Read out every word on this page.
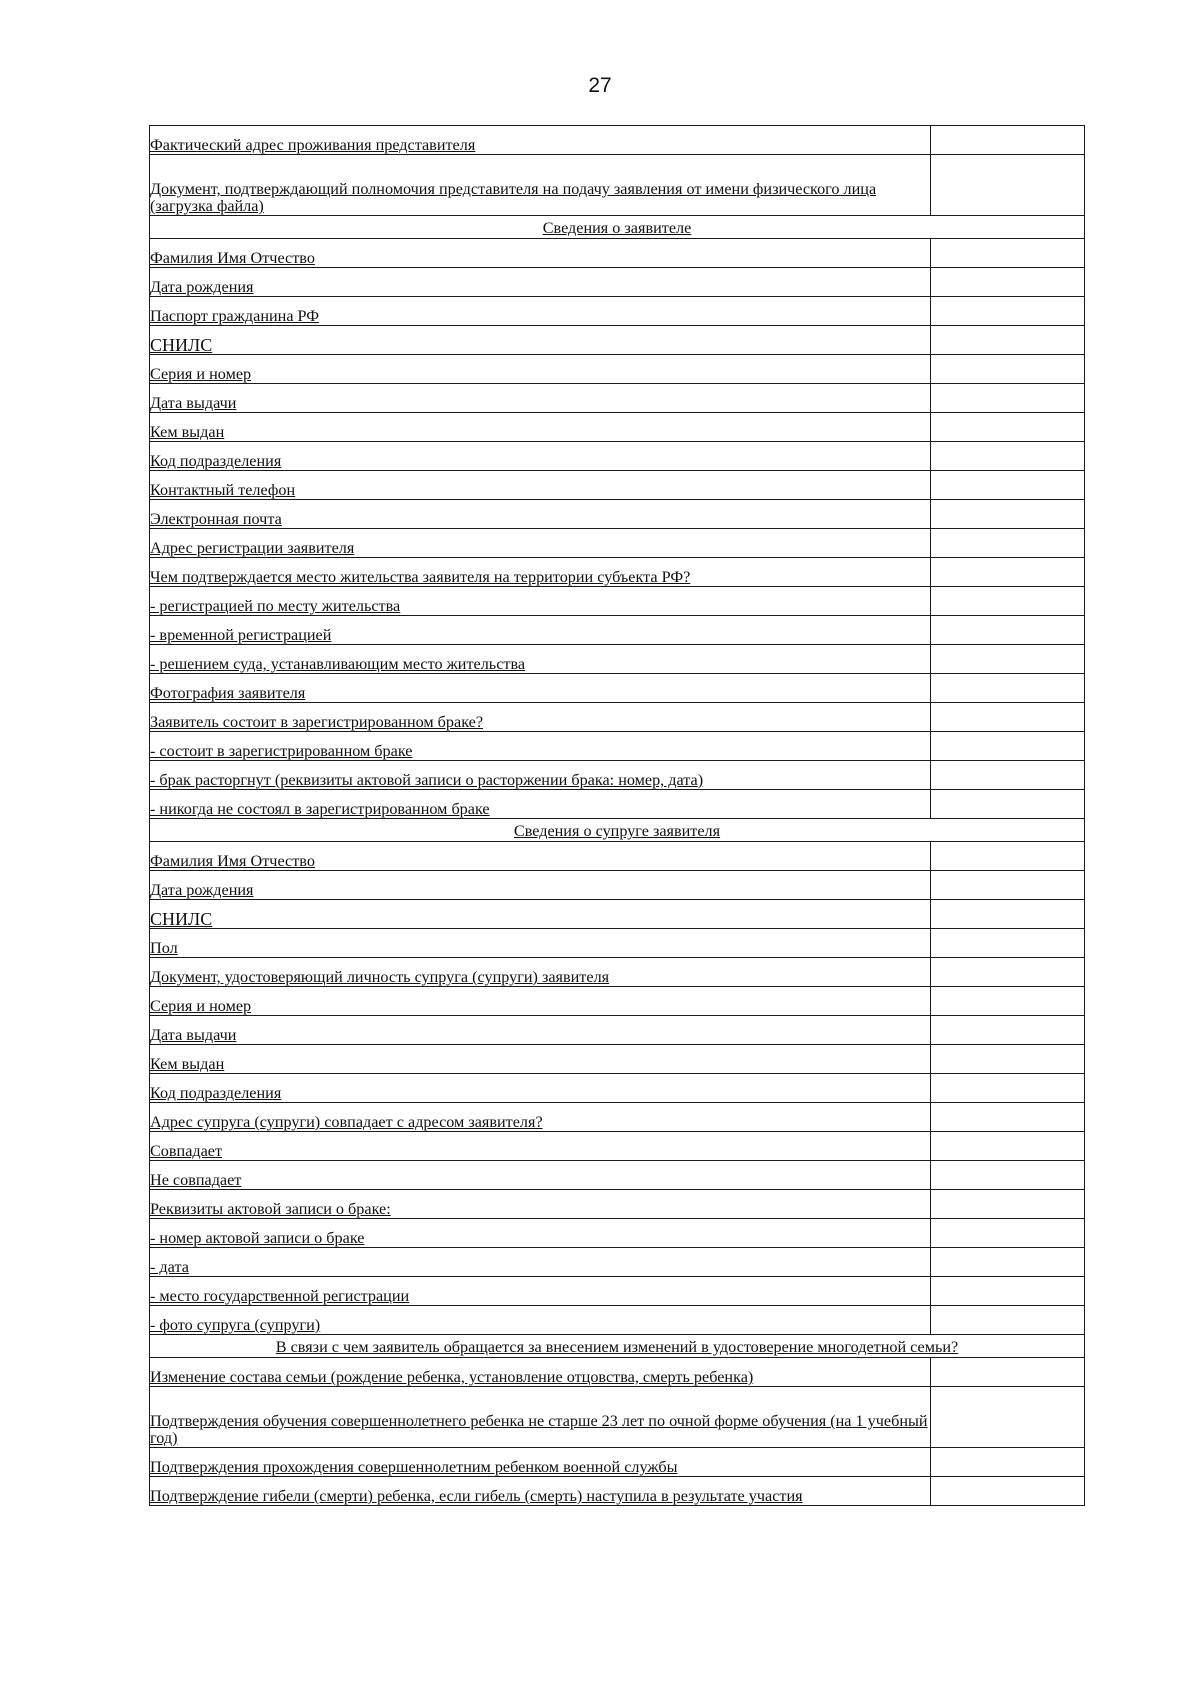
27
Фактический адрес проживания представителя	
Документ, подтверждающий полномочия представителя на подачу заявления от имени физического лица (загрузка файла)	
Сведения о заявителе	
Фамилия Имя Отчество	
Дата рождения	
Паспорт гражданина РФ	
СНИЛС	
Серия и номер	
Дата выдачи	
Кем выдан	
Код подразделения	
Контактный телефон	
Электронная почта	
Адрес регистрации заявителя	
Чем подтверждается место жительства заявителя на территории субъекта РФ?	
- регистрацией по месту жительства	
- временной регистрацией	
- решением суда, устанавливающим место жительства	
Фотография заявителя	
Заявитель состоит в зарегистрированном браке?	
- состоит в зарегистрированном браке	
- брак расторгнут (реквизиты актовой записи о расторжении брака: номер, дата)	
- никогда не состоял в зарегистрированном браке	
Сведения о супруге заявителя	
Фамилия Имя Отчество	
Дата рождения	
СНИЛС	
Пол	
Документ, удостоверяющий личность супруга (супруги) заявителя	
Серия и номер	
Дата выдачи	
Кем выдан	
Код подразделения	
Адрес супруга (супруги) совпадает с адресом заявителя?	
Совпадает	
Не совпадает	
Реквизиты актовой записи о браке:	
- номер актовой записи о браке	
- дата	
- место государственной регистрации	
- фото супруга (супруги)	
В связи с чем заявитель обращается за внесением изменений в удостоверение многодетной семьи?	
Изменение состава семьи (рождение ребенка, установление отцовства, смерть ребенка)	
Подтверждения обучения совершеннолетнего ребенка не старше 23 лет по очной форме обучения (на 1 учебный год)	
Подтверждения прохождения совершеннолетним ребенком военной службы	
Подтверждение гибели (смерти) ребенка, если гибель (смерть) наступила в результате участия	
